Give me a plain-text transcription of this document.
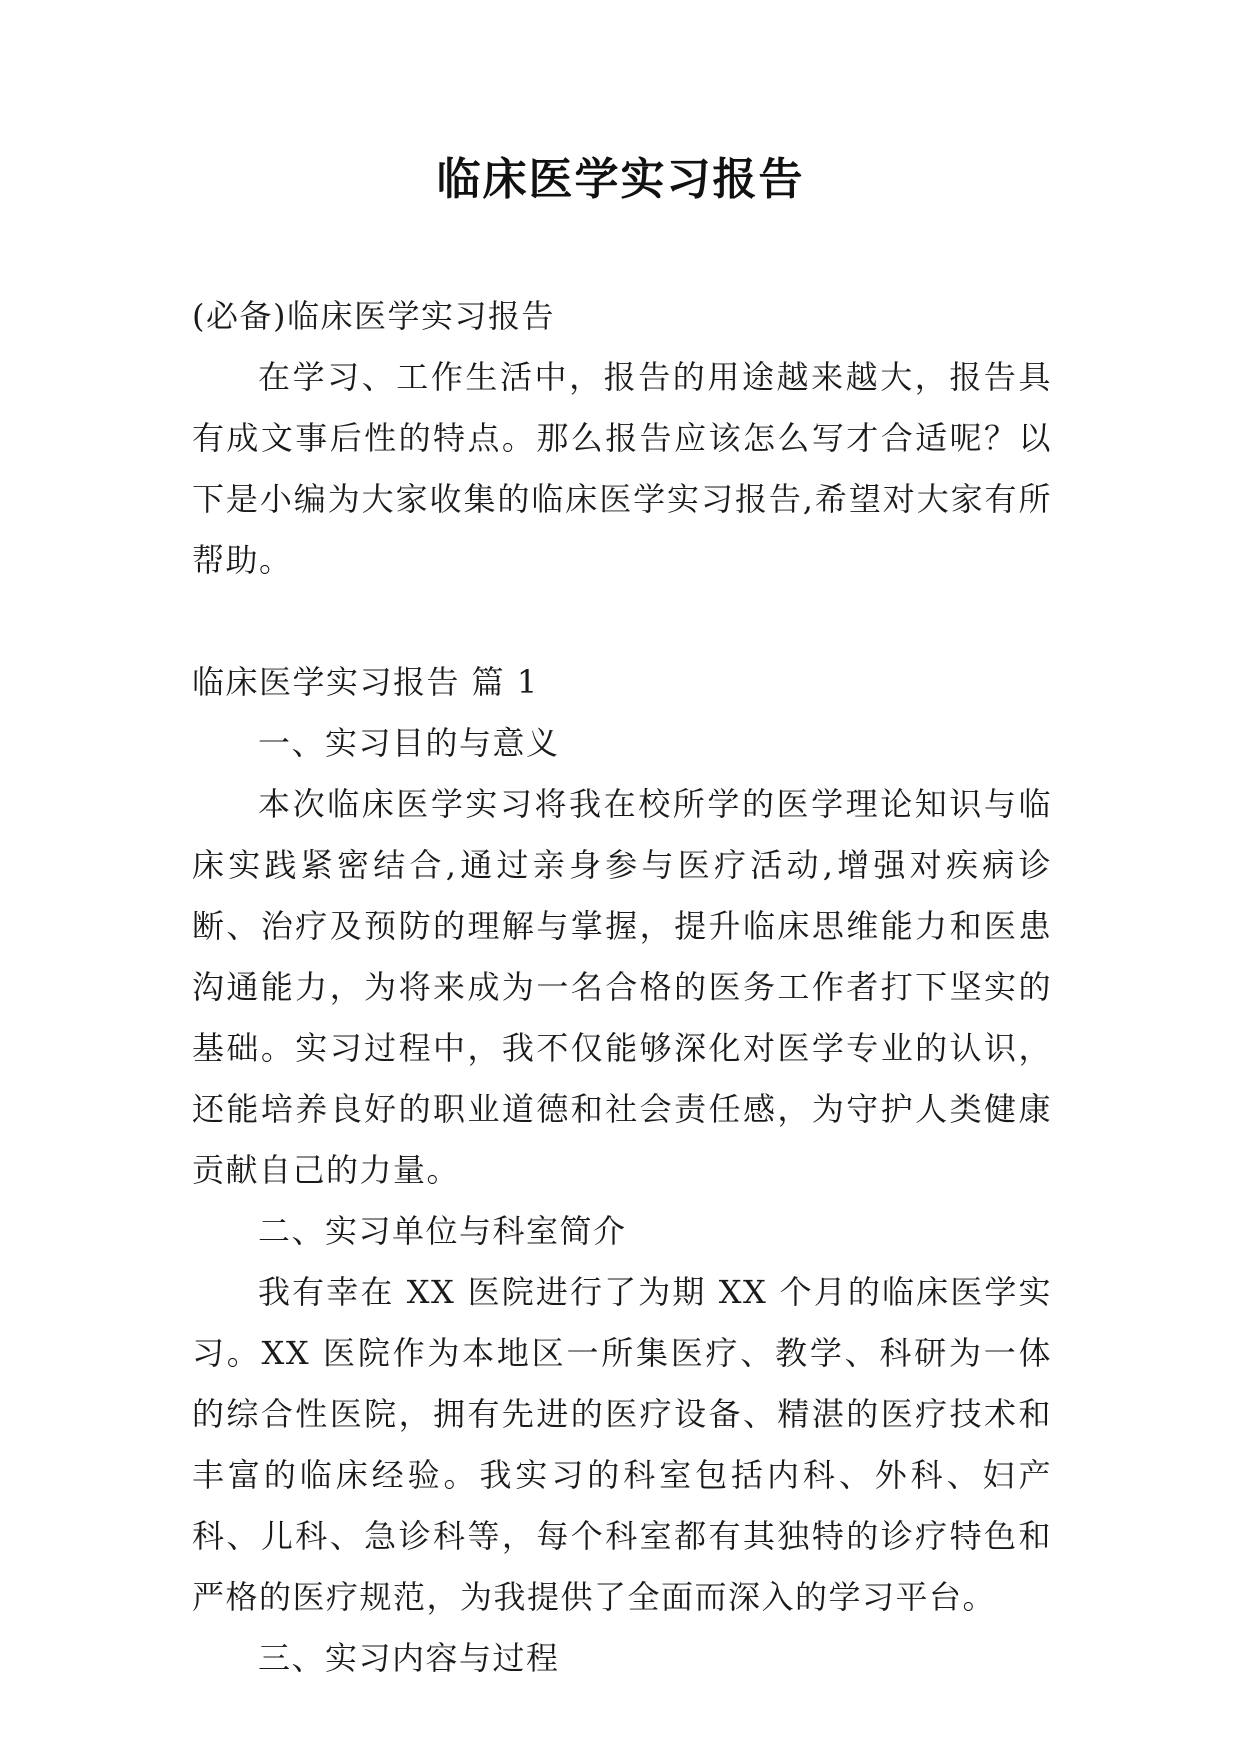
临床医学实习报告

(必备)临床医学实习报告

在学习、工作生活中，报告的用途越来越大，报告具有成文事后性的特点。那么报告应该怎么写才合适呢？以下是小编为大家收集的临床医学实习报告,希望对大家有所帮助。

临床医学实习报告 篇 1

一、实习目的与意义

本次临床医学实习将我在校所学的医学理论知识与临床实践紧密结合,通过亲身参与医疗活动,增强对疾病诊断、治疗及预防的理解与掌握，提升临床思维能力和医患沟通能力，为将来成为一名合格的医务工作者打下坚实的基础。实习过程中，我不仅能够深化对医学专业的认识，还能培养良好的职业道德和社会责任感，为守护人类健康贡献自己的力量。

二、实习单位与科室简介

我有幸在 XX 医院进行了为期 XX 个月的临床医学实习。XX 医院作为本地区一所集医疗、教学、科研为一体的综合性医院，拥有先进的医疗设备、精湛的医疗技术和丰富的临床经验。我实习的科室包括内科、外科、妇产科、儿科、急诊科等，每个科室都有其独特的诊疗特色和严格的医疗规范，为我提供了全面而深入的学习平台。

三、实习内容与过程
